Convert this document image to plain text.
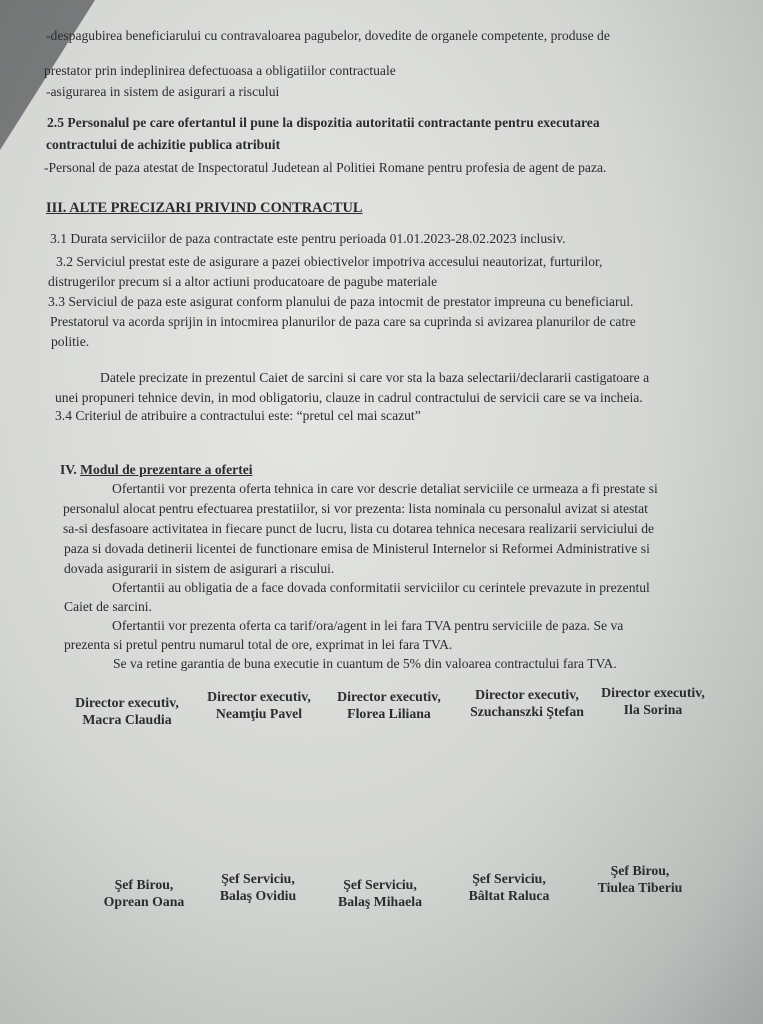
-despagubirea beneficiarului cu contravaloarea pagubelor, dovedite de organele competente, produse de
prestator prin indeplinirea defectuoasa a obligatiilor contractuale
-asigurarea in sistem de asigurari a riscului
2.5 Personalul pe care ofertantul il pune la dispozitia autoritatii contractante pentru executarea
contractului de achizitie publica atribuit
-Personal de paza atestat de Inspectoratul Judetean al Politiei Romane pentru profesia de agent de paza.
III. ALTE PRECIZARI PRIVIND CONTRACTUL
3.1 Durata serviciilor de paza contractate este pentru perioada 01.01.2023-28.02.2023 inclusiv.
3.2 Serviciul prestat este de asigurare a pazei obiectivelor impotriva accesului neautorizat, furturilor,
distrugerilor precum si a altor actiuni producatoare de pagube materiale
3.3 Serviciul de paza este asigurat conform planului de paza intocmit de prestator impreuna cu beneficiarul.
Prestatorul va acorda sprijin in intocmirea planurilor de paza care sa cuprinda si avizarea planurilor de catre
politie.
Datele precizate in prezentul Caiet de sarcini si care vor sta la baza selectarii/declararii castigatoare a
unei propuneri tehnice devin, in mod obligatoriu, clauze in cadrul contractului de servicii care se va incheia.
3.4 Criteriul de atribuire a contractului este: “pretul cel mai scazut”
IV. Modul de prezentare a ofertei
Ofertantii vor prezenta oferta tehnica in care vor descrie detaliat serviciile ce urmeaza a fi prestate si
personalul alocat pentru efectuarea prestatiilor, si vor prezenta: lista nominala cu personalul avizat si atestat
sa-si desfasoare activitatea in fiecare punct de lucru, lista cu dotarea tehnica necesara realizarii serviciului de
paza si dovada detinerii licentei de functionare emisa de Ministerul Internelor si Reformei Administrative si
dovada asigurarii in sistem de asigurari a riscului.
Ofertantii au obligatia de a face dovada conformitatii serviciilor cu cerintele prevazute in prezentul
Caiet de sarcini.
Ofertantii vor prezenta oferta ca tarif/ora/agent in lei fara TVA pentru serviciile de paza. Se va
prezenta si pretul pentru numarul total de ore, exprimat in lei fara TVA.
Se va retine garantia de buna executie in cuantum de 5% din valoarea contractului fara TVA.
Director executiv,
Macra Claudia
Director executiv,
Neamţiu Pavel
Director executiv,
Florea Liliana
Director executiv,
Szuchanszki Ştefan
Director executiv,
Ila Sorina
Şef Birou,
Oprean Oana
Şef Serviciu,
Balaş Ovidiu
Şef Serviciu,
Balaş Mihaela
Şef Serviciu,
Bâltat Raluca
Şef Birou,
Tiulea Tiberiu
